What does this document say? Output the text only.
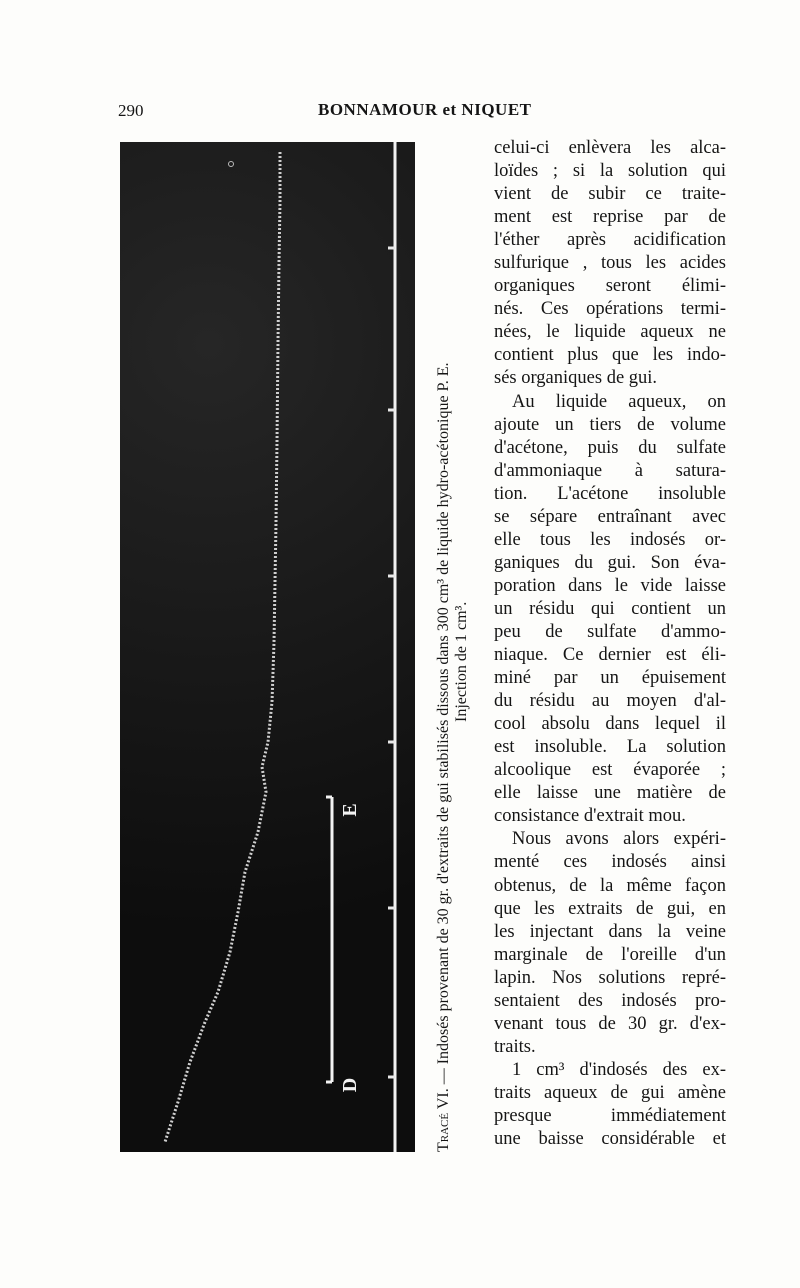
290	BONNAMOUR et NIQUET
E
D
Tracé VI. — Indosés provenant de 30 gr. d'extraits de gui stabilisés dissous dans 300 cm³ de liquide hydro-acétonique P. E. Injection de 1 cm³.
celui-ci enlèvera les alca-
loïdes ; si la solution qui
vient de subir ce traite-
ment est reprise par de
l'éther après acidification
sulfurique , tous les acides
organiques seront élimi-
nés. Ces opérations termi-
nées, le liquide aqueux ne
contient plus que les indo-
sés organiques de gui.
Au liquide aqueux, on
ajoute un tiers de volume
d'acétone, puis du sulfate
d'ammoniaque à satura-
tion. L'acétone insoluble
se sépare entraînant avec
elle tous les indosés or-
ganiques du gui. Son éva-
poration dans le vide laisse
un résidu qui contient un
peu de sulfate d'ammo-
niaque. Ce dernier est éli-
miné par un épuisement
du résidu au moyen d'al-
cool absolu dans lequel il
est insoluble. La solution
alcoolique est évaporée ;
elle laisse une matière de
consistance d'extrait mou.
Nous avons alors expéri-
menté ces indosés ainsi
obtenus, de la même façon
que les extraits de gui, en
les injectant dans la veine
marginale de l'oreille d'un
lapin. Nos solutions repré-
sentaient des indosés pro-
venant tous de 30 gr. d'ex-
traits.
1 cm³ d'indosés des ex-
traits aqueux de gui amène
presque immédiatement
une baisse considérable et
